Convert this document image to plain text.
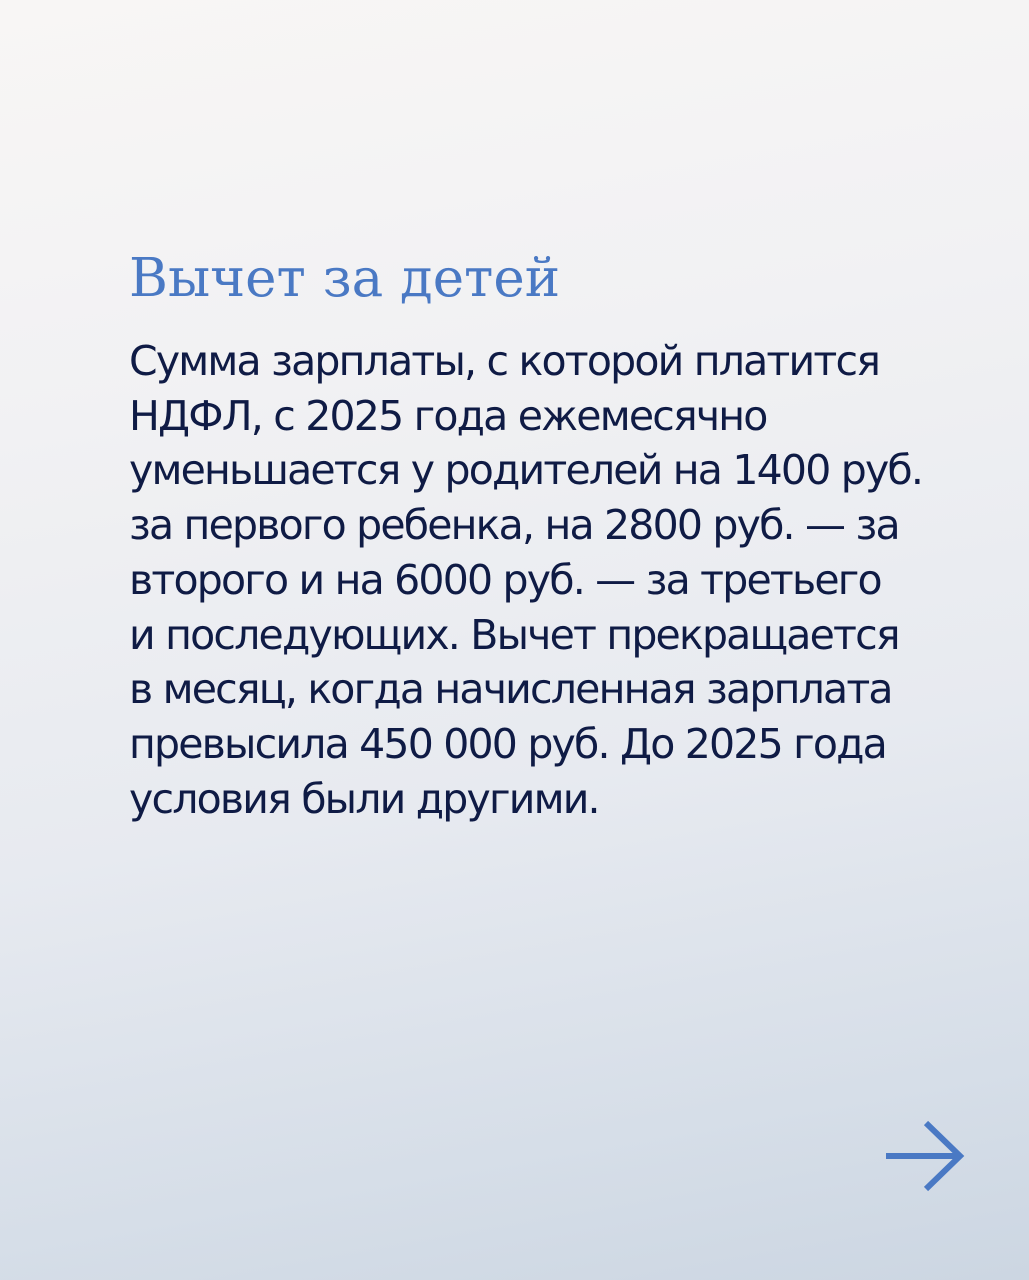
Вычет за детей

Сумма зарплаты, с которой платится
НДФЛ, с 2025 года ежемесячно
уменьшается у родителей на 1400 руб.
за первого ребенка, на 2800 руб. — за
второго и на 6000 руб. — за третьего
и последующих. Вычет прекращается
в месяц, когда начисленная зарплата
превысила 450 000 руб. До 2025 года
условия были другими.
